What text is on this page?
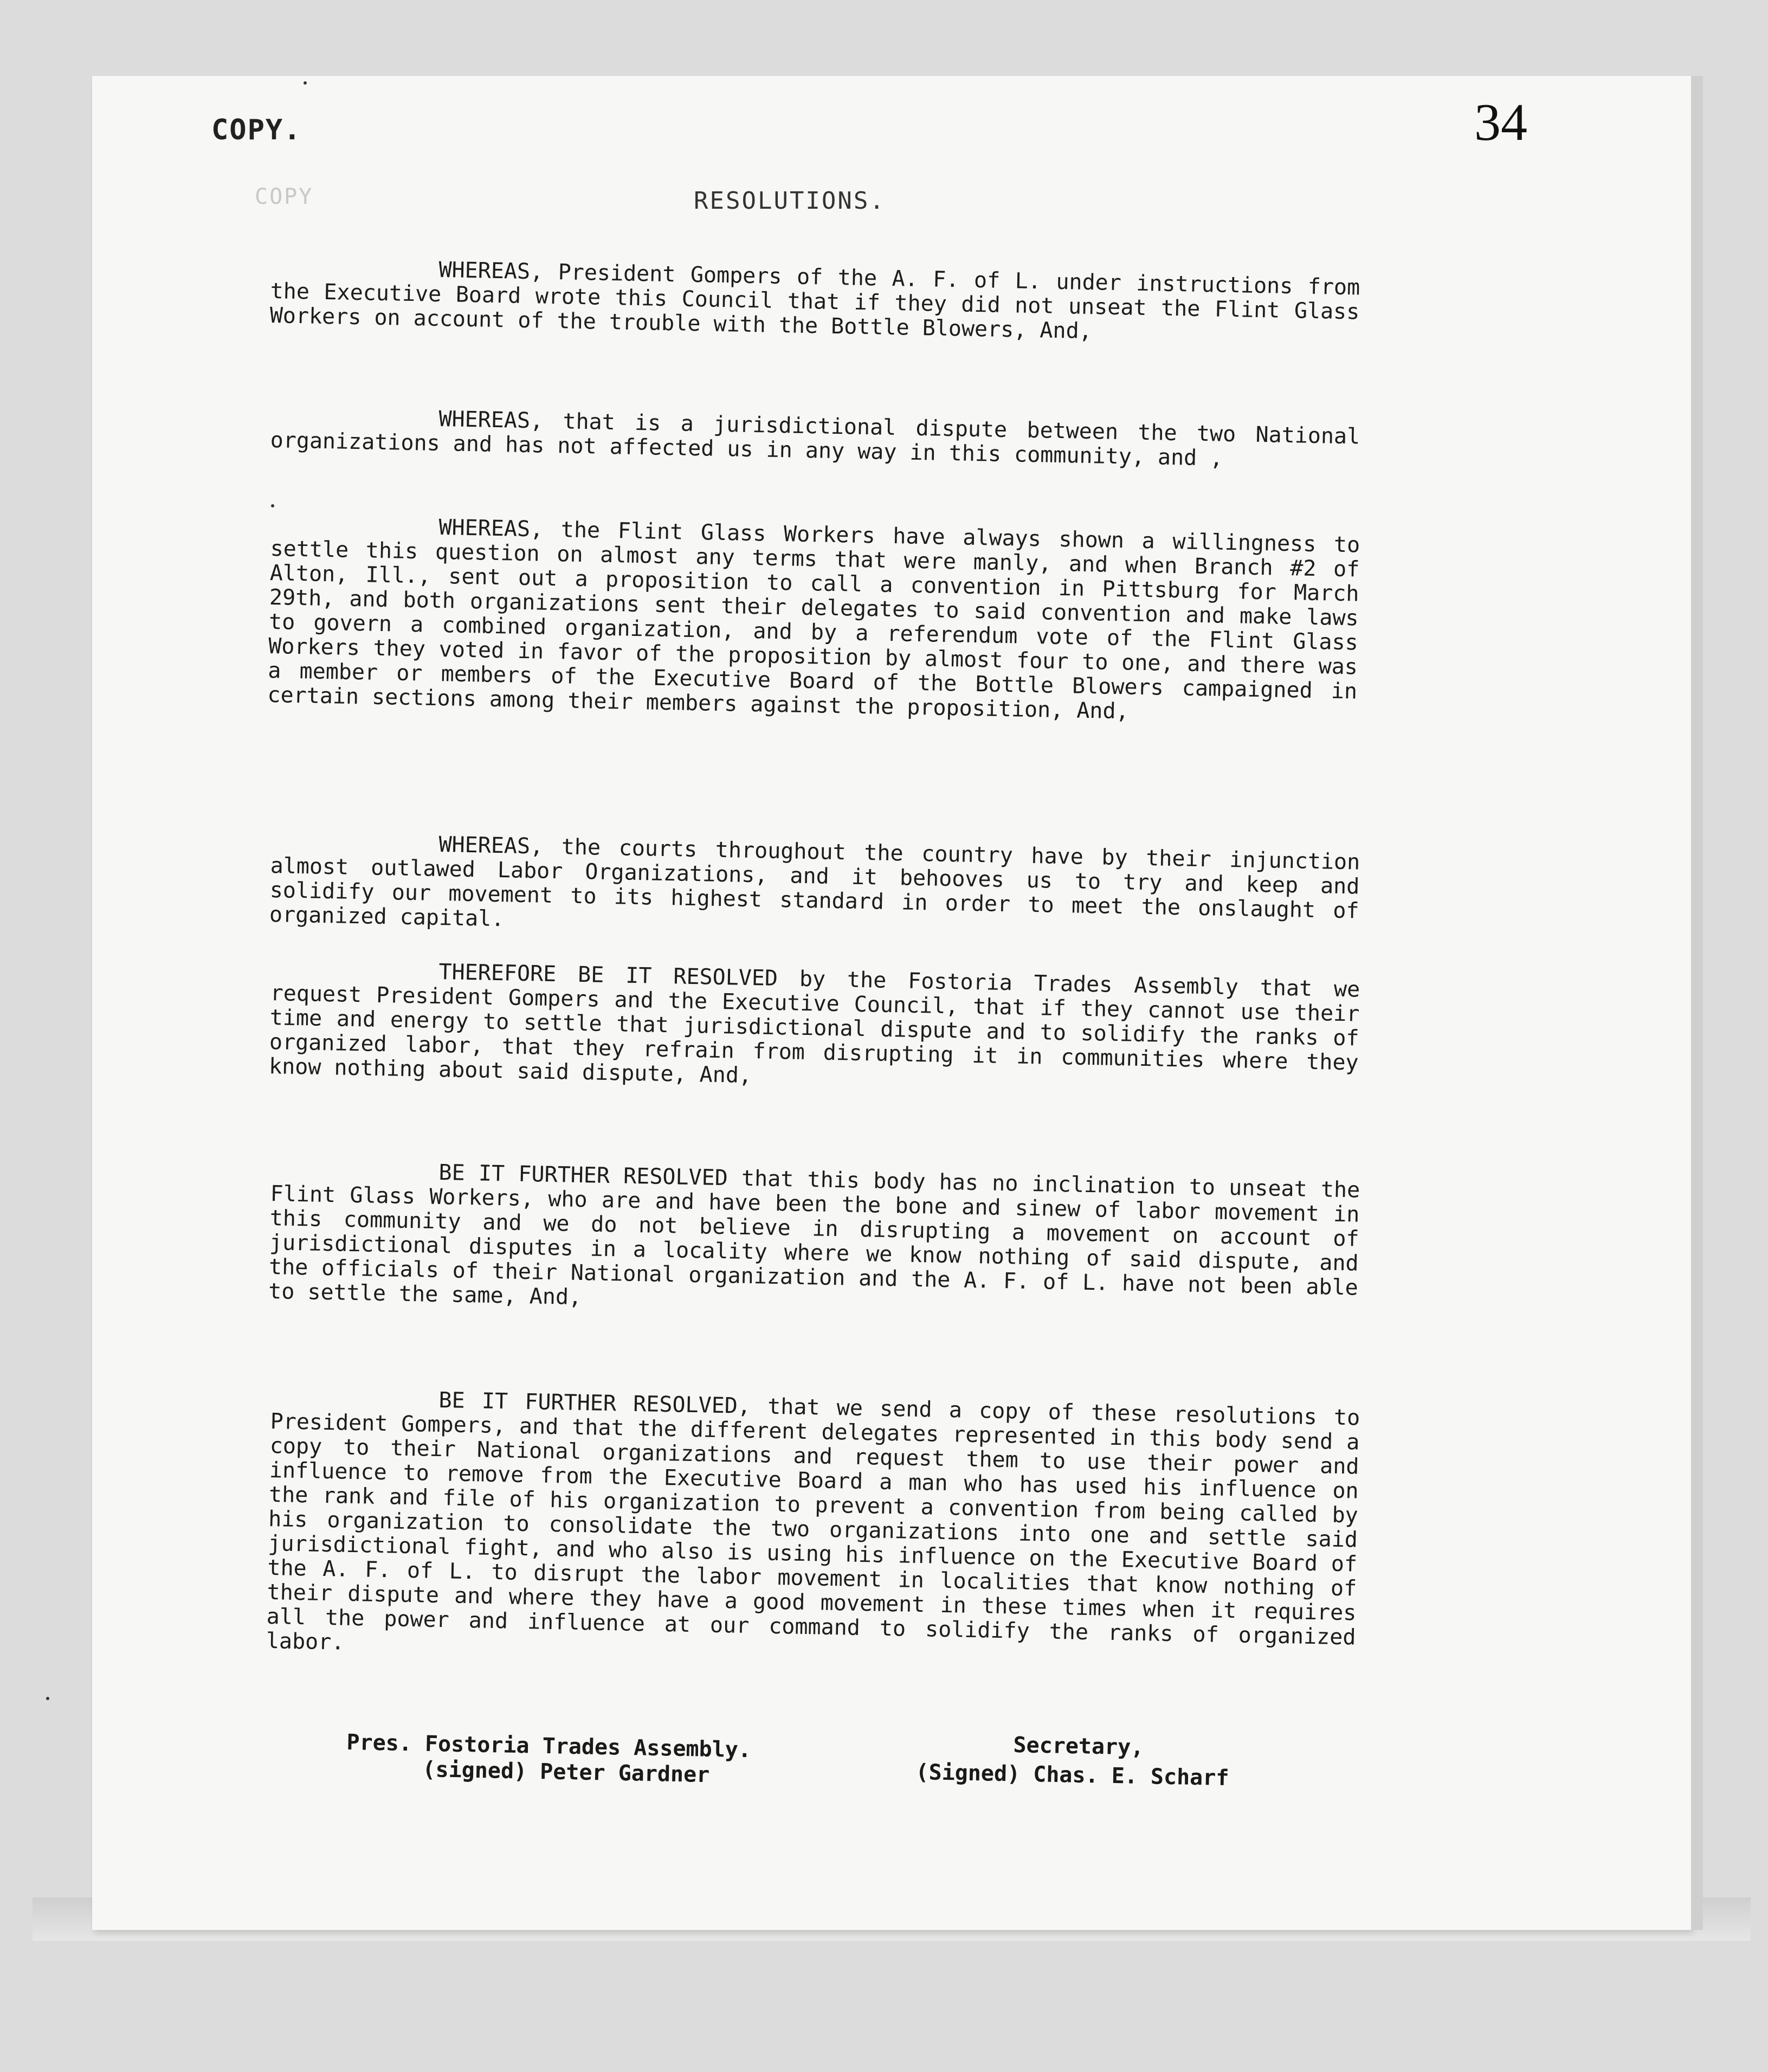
COPY.	34
COPY	RESOLUTIONS.

WHEREAS, President Gompers of the A. F. of L. under instructions from the Executive Board wrote this Council that if they did not unseat the Flint Glass Workers on account of the trouble with the Bottle Blowers, And,

WHEREAS, that is a jurisdictional dispute between the two National organizations and has not affected us in any way in this community, and ,

WHEREAS, the Flint Glass Workers have always shown a willingness to settle this question on almost any terms that were manly, and when Branch #2 of Alton, Ill., sent out a proposition to call a convention in Pittsburg for March 29th, and both organizations sent their delegates to said convention and make laws to govern a combined organization, and by a referendum vote of the Flint Glass Workers they voted in favor of the proposition by almost four to one, and there was a member or members of the Executive Board of the Bottle Blowers campaigned in certain sections among their members against the proposition, And,

WHEREAS, the courts throughout the country have by their injunction almost outlawed Labor Organizations, and it behooves us to try and keep and solidify our movement to its highest standard in order to meet the onslaught of organized capital.

THEREFORE BE IT RESOLVED by the Fostoria Trades Assembly that we request President Gompers and the Executive Council, that if they cannot use their time and energy to settle that jurisdictional dispute and to solidify the ranks of organized labor, that they refrain from disrupting it in communities where they know nothing about said dispute, And,

BE IT FURTHER RESOLVED that this body has no inclination to unseat the Flint Glass Workers, who are and have been the bone and sinew of labor movement in this community and we do not believe in disrupting a movement on account of jurisdictional disputes in a locality where we know nothing of said dispute, and the officials of their National organization and the A. F. of L. have not been able to settle the same, And,

BE IT FURTHER RESOLVED, that we send a copy of these resolutions to President Gompers, and that the different delegates represented in this body send a copy to their National organizations and request them to use their power and influence to remove from the Executive Board a man who has used his influence on the rank and file of his organization to prevent a convention from being called by his organization to consolidate the two organizations into one and settle said jurisdictional fight, and who also is using his influence on the Executive Board of the A. F. of L. to disrupt the labor movement in localities that know nothing of their dispute and where they have a good movement in these times when it requires all the power and influence at our command to solidify the ranks of organized labor.

Pres. Fostoria Trades Assembly.
(signed) Peter Gardner
Secretary,
(Signed) Chas. E. Scharf
